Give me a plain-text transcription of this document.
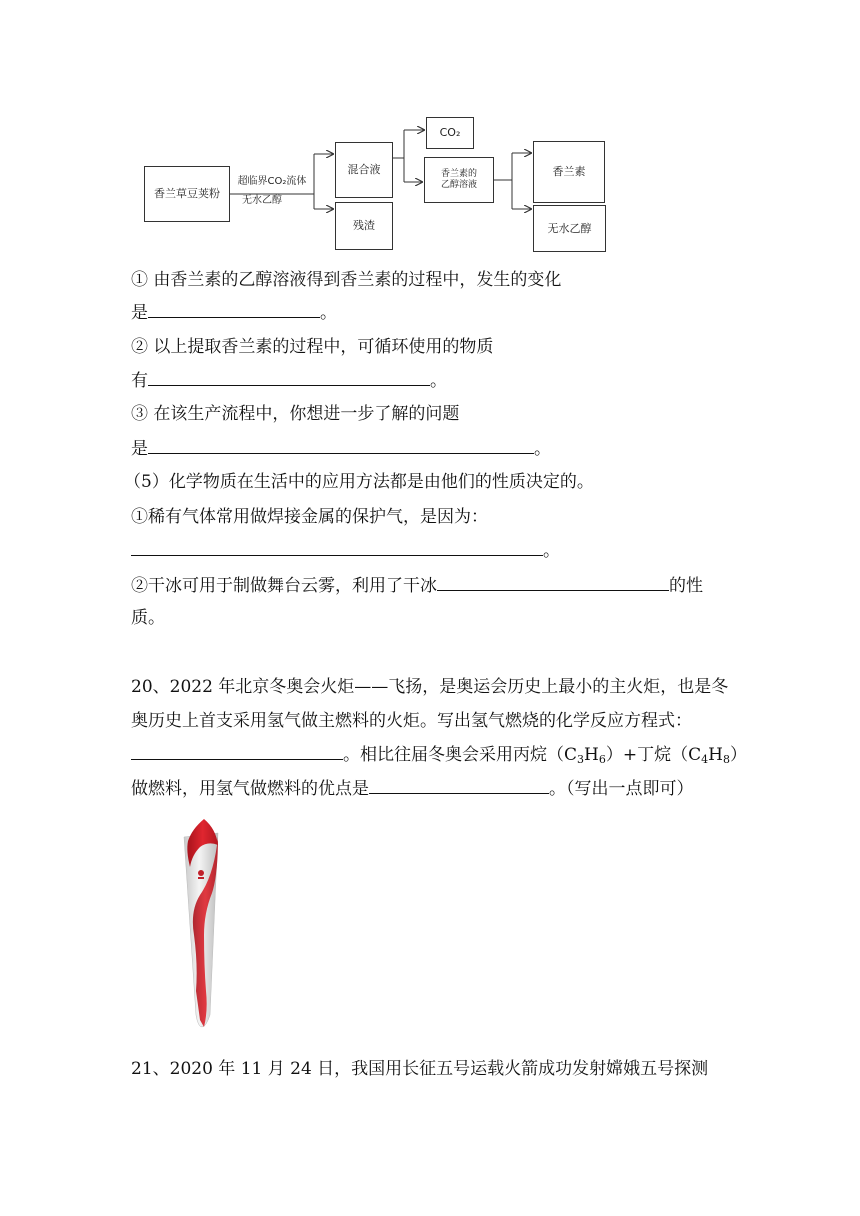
香兰草豆荚粉
超临界CO₂流体
无水乙醇
混合液
残渣
CO₂
香兰素的
乙醇溶液
香兰素
无水乙醇
① 由香兰素的乙醇溶液得到香兰素的过程中，发生的变化
是	。
② 以上提取香兰素的过程中，可循环使用的物质
有	。
③ 在该生产流程中，你想进一步了解的问题
是	。
（5）化学物质在生活中的应用方法都是由他们的性质决定的。
①稀有气体常用做焊接金属的保护气，是因为：
。
②干冰可用于制做舞台云雾，利用了干冰	的性
质。
20、2022 年北京冬奥会火炬——飞扬，是奥运会历史上最小的主火炬，也是冬
奥历史上首支采用氢气做主燃料的火炬。写出氢气燃烧的化学反应方程式：
。相比往届冬奥会采用丙烷$(C_3H_6)+$丁烷$(C_4H_8)$
做燃料，用氢气做燃料的优点是	。（写出一点即可）
21、2020 年 11 月 24 日，我国用长征五号运载火箭成功发射嫦娥五号探测
